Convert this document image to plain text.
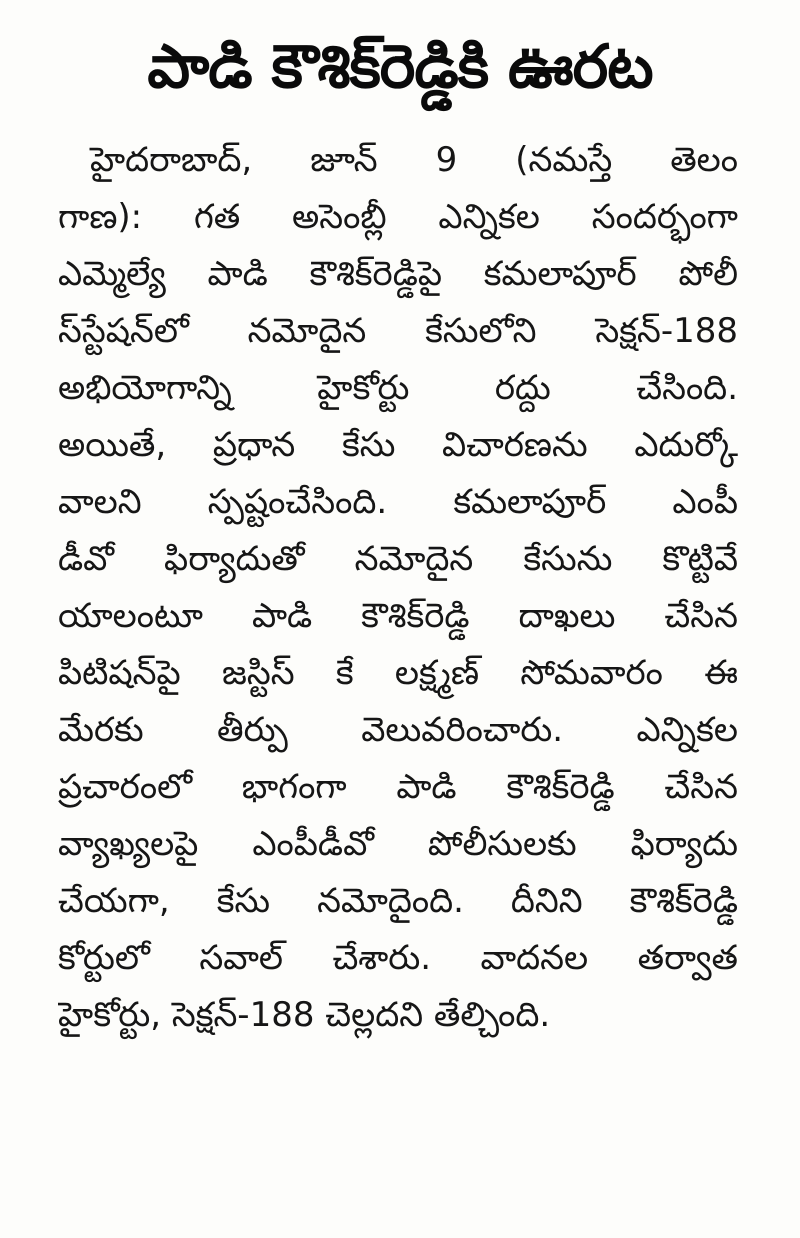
పాడి కౌశిక్‌రెడ్డికి ఊరట
హైదరాబాద్, జూన్ 9 (నమస్తే తెలం
గాణ): గత అసెంబ్లీ ఎన్నికల సందర్భంగా
ఎమ్మెల్యే పాడి కౌశిక్‌రెడ్డిపై కమలాపూర్ పోలీ
స్‌స్టేషన్‌లో నమోదైన కేసులోని సెక్షన్-188
అభియోగాన్ని హైకోర్టు రద్దు చేసింది.
అయితే, ప్రధాన కేసు విచారణను ఎదుర్కో
వాలని స్పష్టంచేసింది. కమలాపూర్ ఎంపీ
డీవో ఫిర్యాదుతో నమోదైన కేసును కొట్టివే
యాలంటూ పాడి కౌశిక్‌రెడ్డి దాఖలు చేసిన
పిటిషన్‌పై జస్టిస్ కే లక్ష్మణ్ సోమవారం ఈ
మేరకు తీర్పు వెలువరించారు. ఎన్నికల
ప్రచారంలో భాగంగా పాడి కౌశిక్‌రెడ్డి చేసిన
వ్యాఖ్యలపై ఎంపీడీవో పోలీసులకు ఫిర్యాదు
చేయగా, కేసు నమోదైంది. దీనిని కౌశిక్‌రెడ్డి
కోర్టులో సవాల్ చేశారు. వాదనల తర్వాత
హైకోర్టు, సెక్షన్-188 చెల్లదని తేల్చింది.
